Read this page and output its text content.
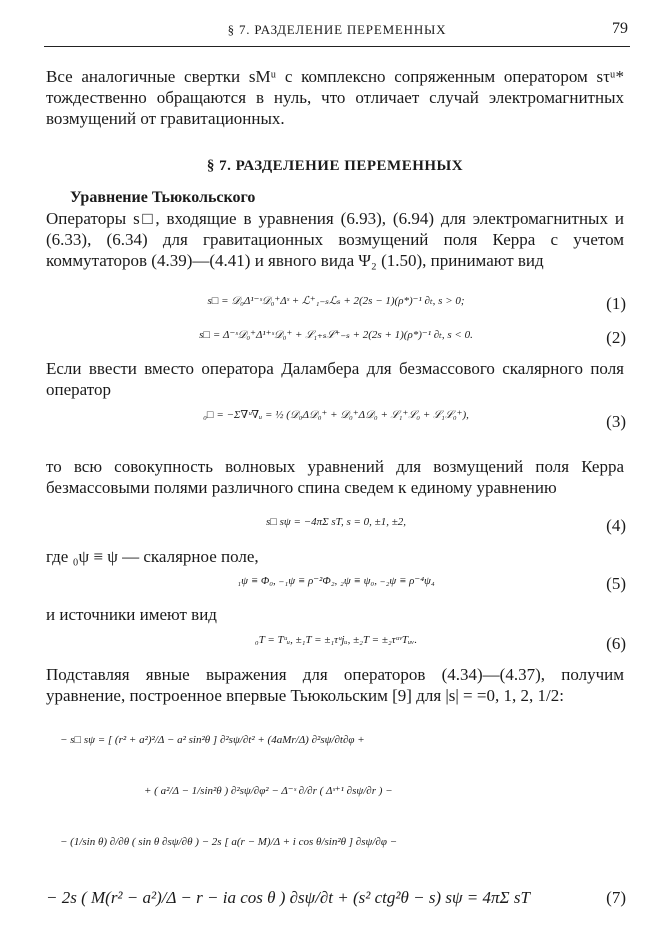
§ 7. РАЗДЕЛЕНИЕ ПЕРЕМЕННЫХ	79
Все аналогичные свертки sMᵘ с комплексно сопряженным оператором sτᵘ* тождественно обращаются в нуль, что отличает случай электромагнитных возмущений от гравитационных.
§ 7. РАЗДЕЛЕНИЕ ПЕРЕМЕННЫХ
Уравнение Тьюкольского
Операторы s□, входящие в уравнения (6.93), (6.94) для электромагнитных и (6.33), (6.34) для гравитационных возмущений поля Керра с учетом коммутаторов (4.39)—(4.41) и явного вида Ψ₂ (1.50), принимают вид
s□ = 𝒟₀Δ¹⁻ˢ𝒟₀⁺Δˢ + ℒ⁺₁₋ₛℒₛ + 2(2s − 1)(ρ*)⁻¹ ∂ₜ, s > 0;	(1)
s□ = Δ⁻ˢ𝒟₀⁺Δ¹⁺ˢ𝒟₀⁺ + ℒ₁₊ₛℒ⁺₋ₛ + 2(2s + 1)(ρ*)⁻¹ ∂ₜ, s < 0.	(2)
Если ввести вместо оператора Даламбера для безмассового скалярного поля оператор
₀□ = −Σ∇ᵘ∇ᵤ = ½ (𝒟₀Δ𝒟₀⁺ + 𝒟₀⁺Δ𝒟₀ + ℒ₁⁺ℒ₀ + ℒ₁ℒ₀⁺),	(3)
то всю совокупность волновых уравнений для возмущений поля Керра безмассовыми полями различного спина сведем к единому уравнению
s□ sψ = −4πΣ sT, s = 0, ±1, ±2,	(4)
где ₀ψ ≡ ψ — скалярное поле,
₁ψ ≡ Φ₀, ₋₁ψ ≡ ρ⁻²Φ₂, ₂ψ ≡ ψ₀, ₋₂ψ ≡ ρ⁻⁴ψ₄	(5)
и источники имеют вид
₀T = Tᵘᵤ, ±₁T = ±₁τᵘjᵤ, ±₂T = ±₂τᵘᵛTᵤᵥ.	(6)
Подставляя явные выражения для операторов (4.34)—(4.37), получим уравнение, построенное впервые Тьюкольским [9] для |s| = =0, 1, 2, 1/2:
− s□ sψ = [ (r² + a²)²/Δ − a² sin²θ ] ∂²sψ/∂t² + (4aMr/Δ) ∂²sψ/∂t∂φ +
+ ( a²/Δ − 1/sin²θ ) ∂²sψ/∂φ² − Δ⁻ˢ ∂/∂r ( Δˢ⁺¹ ∂sψ/∂r ) −
− (1/sin θ) ∂/∂θ ( sin θ ∂sψ/∂θ ) − 2s [ a(r − M)/Δ + i cos θ/sin²θ ] ∂sψ/∂φ −
− 2s ( M(r² − a²)/Δ − r − ia cos θ ) ∂sψ/∂t + (s² ctg²θ − s) sψ = 4πΣ sT	(7)
